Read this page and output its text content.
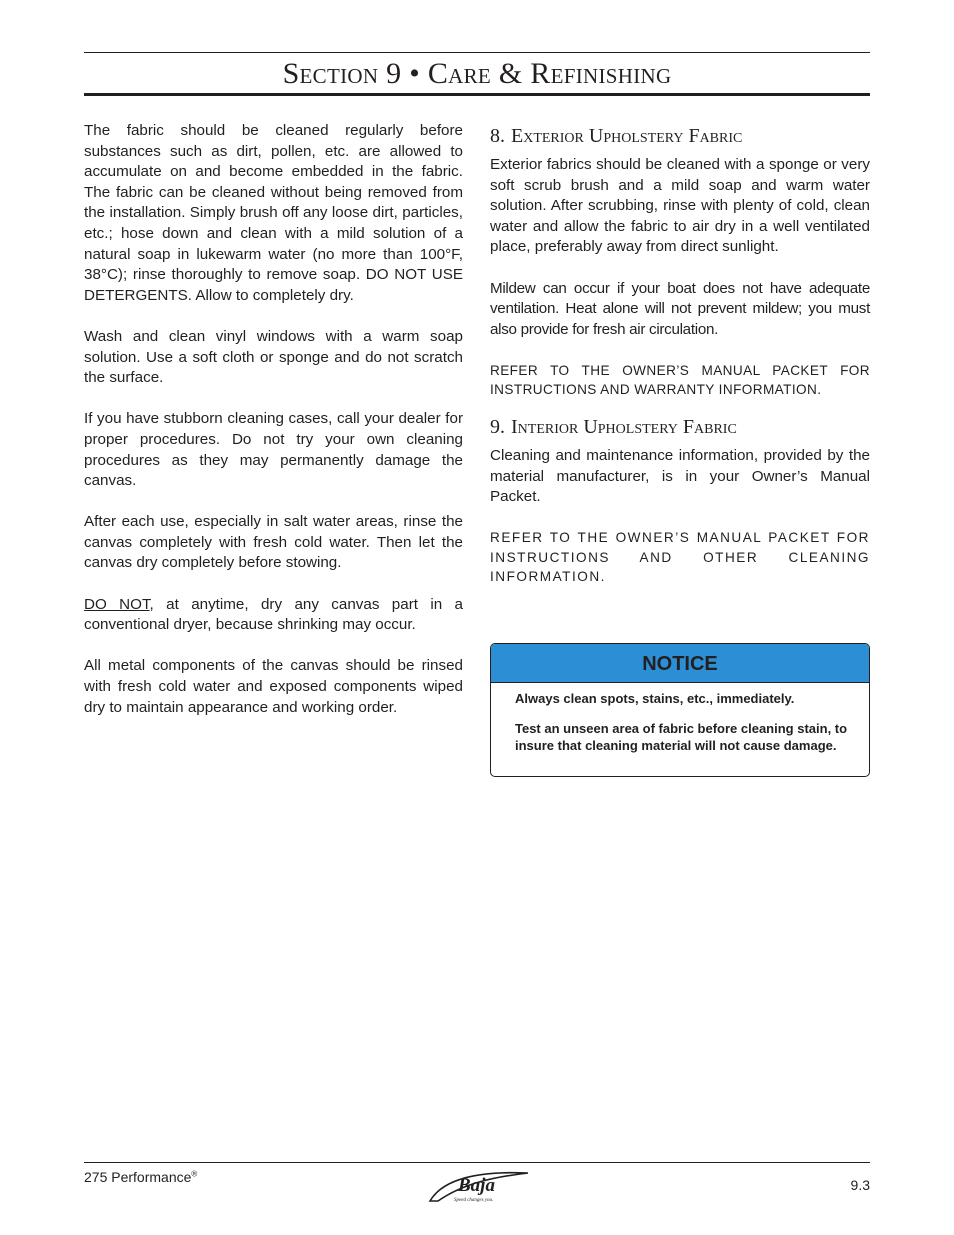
Section 9 • Care & Refinishing

The fabric should be cleaned regularly before substances such as dirt, pollen, etc. are allowed to accumulate on and become embedded in the fabric. The fabric can be cleaned without being removed from the installation. Simply brush off any loose dirt, particles, etc.; hose down and clean with a mild solution of a natural soap in lukewarm water (no more than 100°F, 38°C); rinse thoroughly to remove soap. DO NOT USE DETERGENTS. Allow to completely dry.

Wash and clean vinyl windows with a warm soap solution. Use a soft cloth or sponge and do not scratch the surface.

If you have stubborn cleaning cases, call your dealer for proper procedures. Do not try your own cleaning procedures as they may permanently damage the canvas.

After each use, especially in salt water areas, rinse the canvas completely with fresh cold water. Then let the canvas dry completely before stowing.

DO NOT, at anytime, dry any canvas part in a conventional dryer, because shrinking may occur.

All metal components of the canvas should be rinsed with fresh cold water and exposed components wiped dry to maintain appearance and working order.

8. Exterior Upholstery Fabric

Exterior fabrics should be cleaned with a sponge or very soft scrub brush and a mild soap and warm water solution. After scrubbing, rinse with plenty of cold, clean water and allow the fabric to air dry in a well ventilated place, preferably away from direct sunlight.

Mildew can occur if your boat does not have adequate ventilation. Heat alone will not prevent mildew; you must also provide for fresh air circulation.

REFER TO THE OWNER’S MANUAL PACKET FOR INSTRUCTIONS AND WARRANTY INFORMATION.

9. Interior Upholstery Fabric

Cleaning and maintenance information, provided by the material manufacturer, is in your Owner’s Manual Packet.

REFER TO THE OWNER’S MANUAL PACKET FOR INSTRUCTIONS AND OTHER CLEANING INFORMATION.

NOTICE

Always clean spots, stains, etc., immediately.

Test an unseen area of fabric before cleaning stain, to insure that cleaning material will not cause damage.

275 Performance®
Baja
Speed changes you.
9.3
